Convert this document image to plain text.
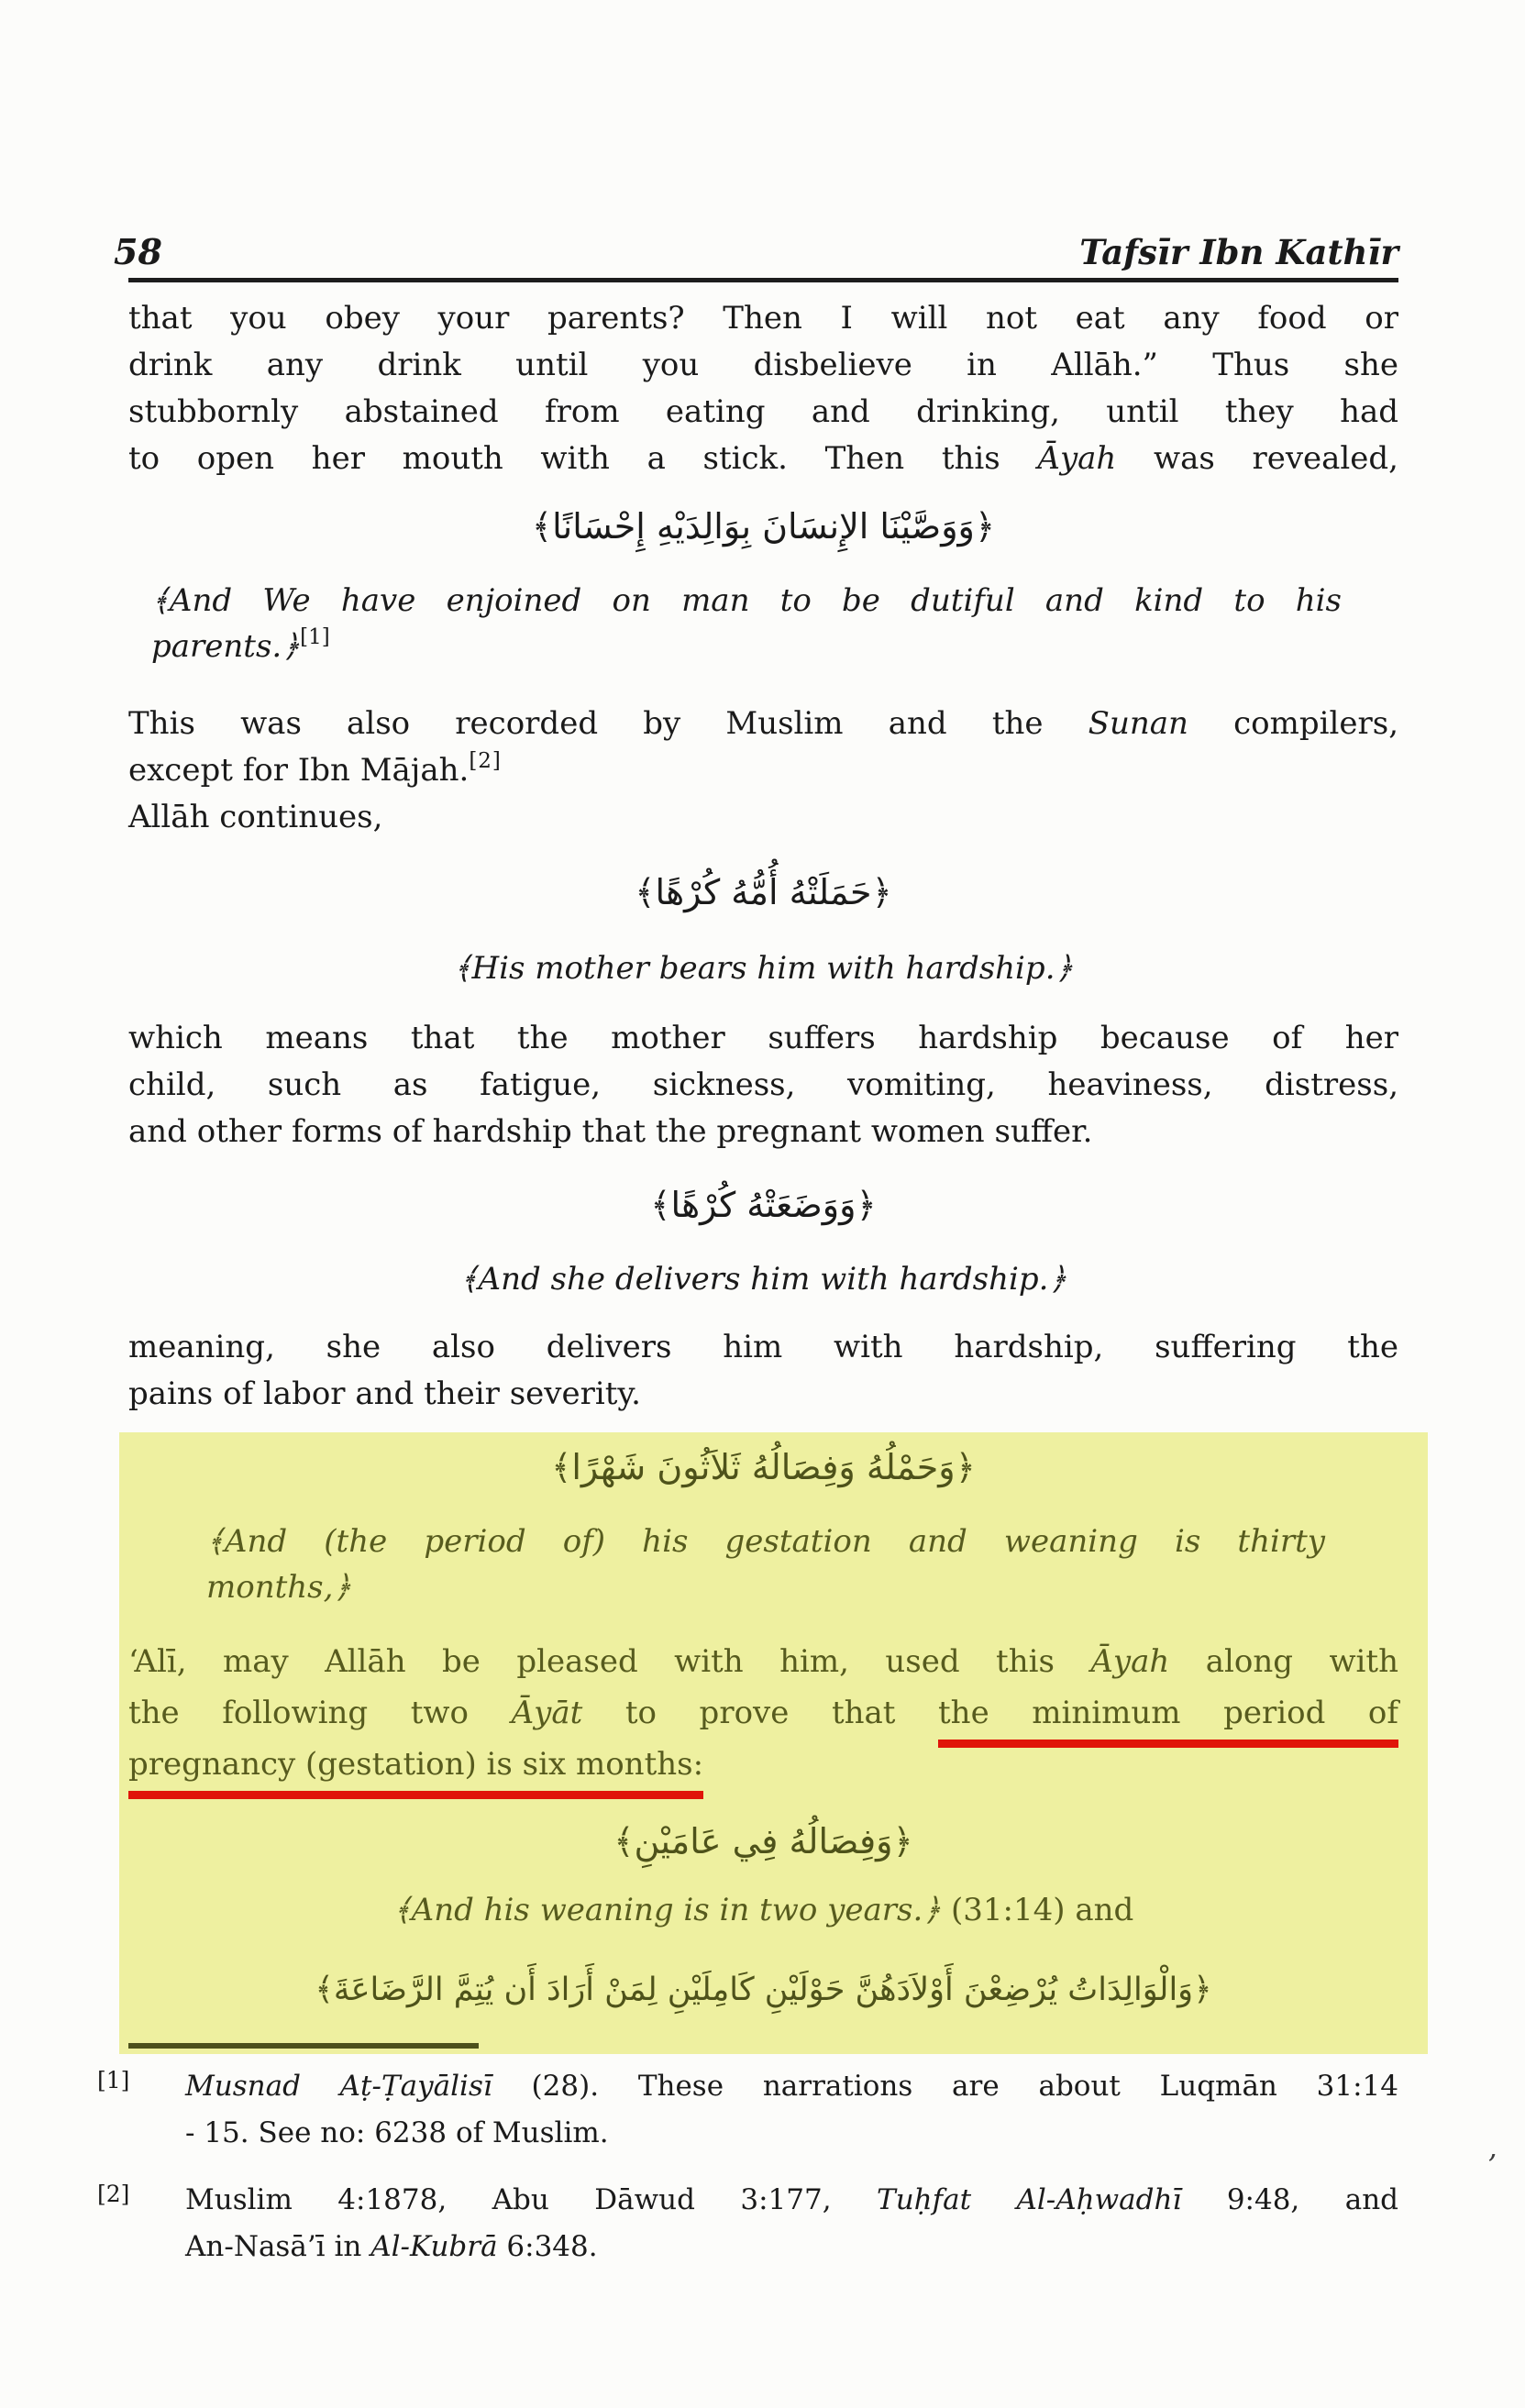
58	Tafsīr Ibn Kathīr
that you obey your parents? Then I will not eat any food or
drink any drink until you disbelieve in Allāh.” Thus she
stubbornly abstained from eating and drinking, until they had
to open her mouth with a stick. Then this Āyah was revealed,
﴾وَوَصَّيْنَا الإِنسَانَ بِوَالِدَيْهِ إِحْسَانًا﴿
﴾And We have enjoined on man to be dutiful and kind to his
parents.﴿[1]
This was also recorded by Muslim and the Sunan compilers,
except for Ibn Mājah.[2]
Allāh continues,
﴾حَمَلَتْهُ أُمُّهُ كُرْهًا﴿
﴾His mother bears him with hardship.﴿
which means that the mother suffers hardship because of her
child, such as fatigue, sickness, vomiting, heaviness, distress,
and other forms of hardship that the pregnant women suffer.
﴾وَوَضَعَتْهُ كُرْهًا﴿
﴾And she delivers him with hardship.﴿
meaning, she also delivers him with hardship, suffering the
pains of labor and their severity.
﴾وَحَمْلُهُ وَفِصَالُهُ ثَلاَثُونَ شَهْرًا﴿
﴾And (the period of) his gestation and weaning is thirty
months,﴿
‘Alī, may Allāh be pleased with him, used this Āyah along with
the following two Āyāt to prove that the minimum period of
pregnancy (gestation) is six months:
﴾وَفِصَالُهُ فِي عَامَيْنِ﴿
﴾And his weaning is in two years.﴿ (31:14) and
﴾وَالْوَالِدَاتُ يُرْضِعْنَ أَوْلاَدَهُنَّ حَوْلَيْنِ كَامِلَيْنِ لِمَنْ أَرَادَ أَن يُتِمَّ الرَّضَاعَةَ﴿
[1] Musnad Aṭ-Ṭayālisī (28). These narrations are about Luqmān 31:14
- 15. See no: 6238 of Muslim.
[2] Muslim 4:1878, Abu Dāwud 3:177, Tuḥfat Al-Aḥwadhī 9:48, and
An-Nasā’ī in Al-Kubrā 6:348.
’
